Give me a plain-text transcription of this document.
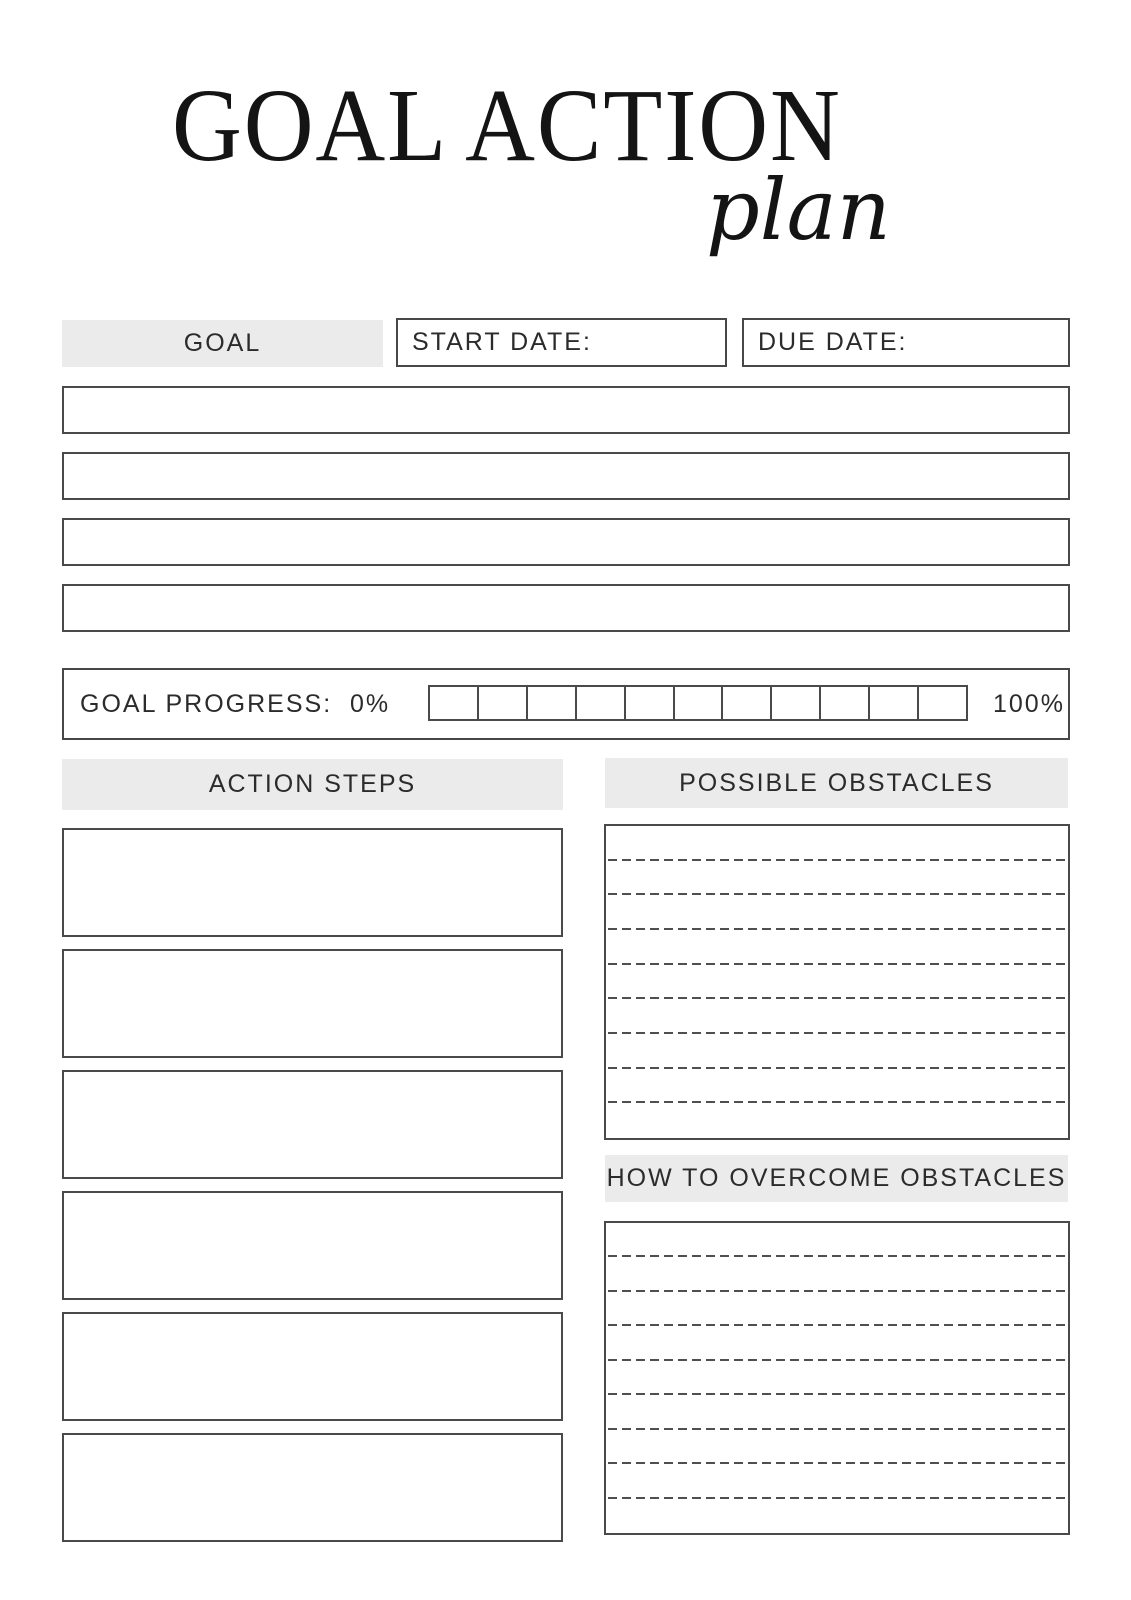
GOAL ACTION
plan
GOAL	START DATE:	DUE DATE:
GOAL PROGRESS: 0%	100%
ACTION STEPS	POSSIBLE OBSTACLES
HOW TO OVERCOME OBSTACLES
